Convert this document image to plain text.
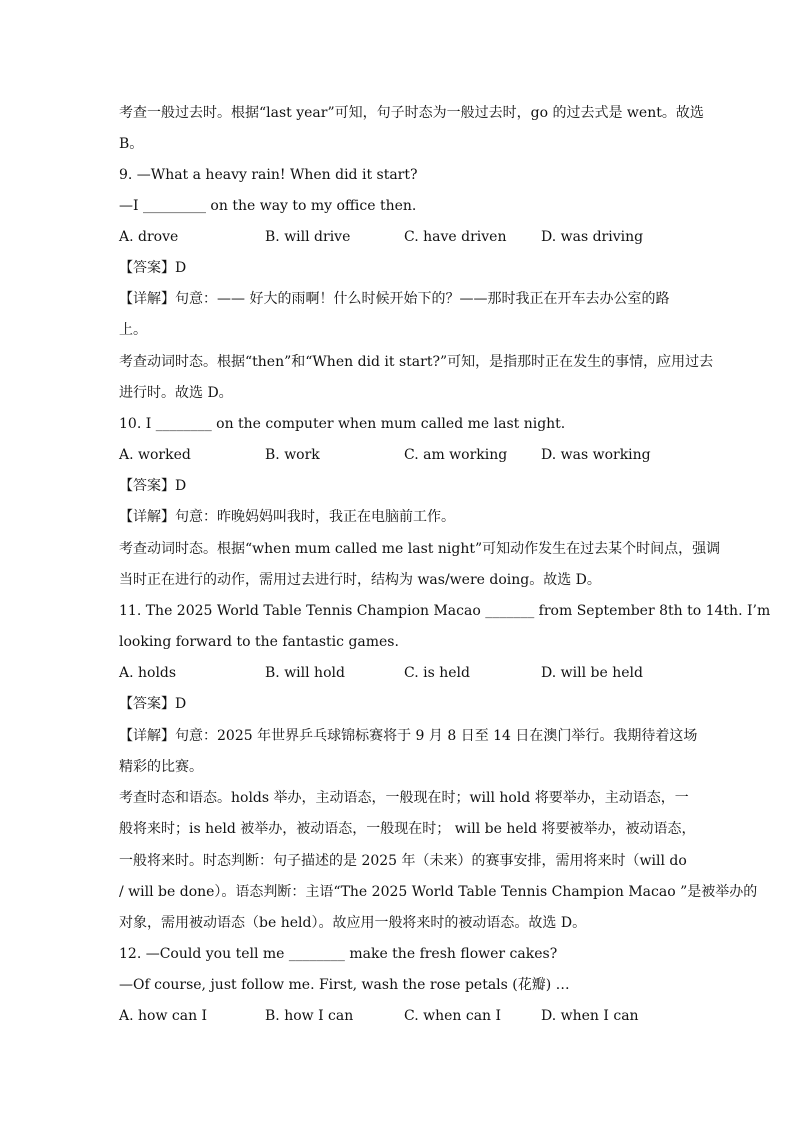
考查一般过去时。根据“last year”可知，句子时态为一般过去时，go 的过去式是 went。故选
B。
9. —What a heavy rain! When did it start?
—I _________ on the way to my office then.
A. drove	B. will drive	C. have driven D. was driving
【答案】D
【详解】句意：—— 好大的雨啊！什么时候开始下的？——那时我正在开车去办公室的路
上。
考查动词时态。根据“then”和“When did it start?”可知，是指那时正在发生的事情，应用过去
进行时。故选 D。
10. I ________ on the computer when mum called me last night.
A. worked	B. work	C. am working D. was working
【答案】D
【详解】句意：昨晚妈妈叫我时，我正在电脑前工作。
考查动词时态。根据“when mum called me last night”可知动作发生在过去某个时间点，强调
当时正在进行的动作，需用过去进行时，结构为 was/were doing。故选 D。
11. The 2025 World Table Tennis Champion Macao _______ from September 8th to 14th. I’m
looking forward to the fantastic games.
A. holds	B. will hold	C. is held	D. will be held
【答案】D
【详解】句意：2025 年世界乒乓球锦标赛将于 9 月 8 日至 14 日在澳门举行。我期待着这场
精彩的比赛。
考查时态和语态。holds 举办，主动语态，一般现在时；will hold 将要举办，主动语态，一
般将来时；is held 被举办，被动语态，一般现在时； will be held 将要被举办，被动语态，
一般将来时。时态判断：句子描述的是 2025 年（未来）的赛事安排，需用将来时（will do
/ will be done）。语态判断：主语“The 2025 World Table Tennis Champion Macao ”是被举办的
对象，需用被动语态（be held）。故应用一般将来时的被动语态。故选 D。
12. —Could you tell me ________ make the fresh flower cakes?
—Of course, just follow me. First, wash the rose petals (花瓣) …
A. how can I	B. how I can	C. when can I	D. when I can
